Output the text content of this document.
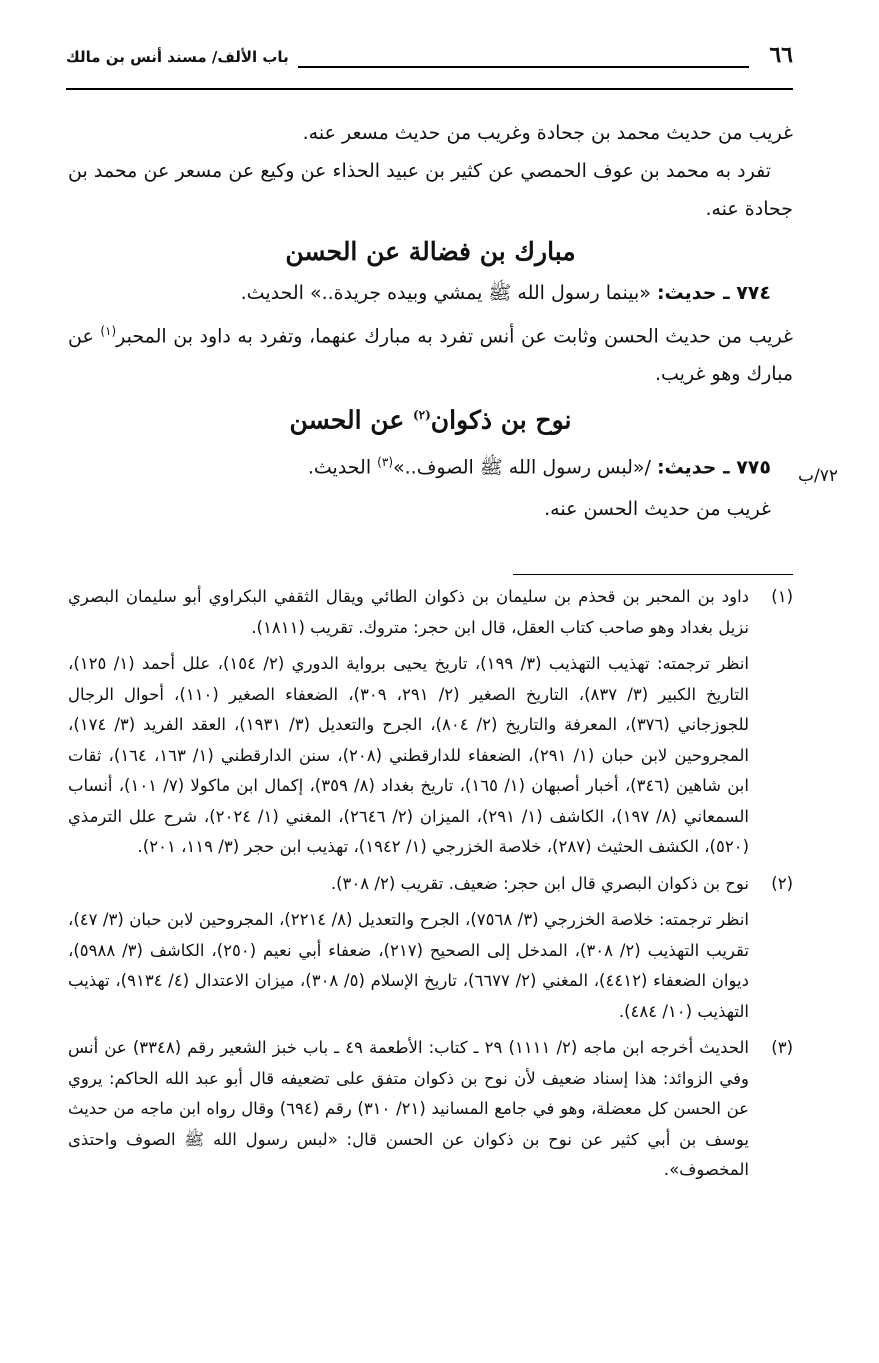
٦٦
باب الألف/ مسند أنس بن مالك
غريب من حديث محمد بن جحادة وغريب من حديث مسعر عنه.
تفرد به محمد بن عوف الحمصي عن كثير بن عبيد الحذاء عن وكيع عن مسعر عن محمد بن جحادة عنه.
مبارك بن فضالة عن الحسن
٧٧٤ ـ حديث: «بينما رسول الله ﷺ يمشي وبيده جريدة..» الحديث.
غريب من حديث الحسن وثابت عن أنس تفرد به مبارك عنهما، وتفرد به داود بن المحبر$^{(١)}$ عن مبارك وهو غريب.
نوح بن ذكوان$^{(٢)}$ عن الحسن
٧٧٥ ـ حديث: /«لبس رسول الله ﷺ الصوف..»$^{(٣)}$ الحديث.
غريب من حديث الحسن عنه.
٧٢/ب
(١)
داود بن المحبر بن قحذم بن سليمان بن ذكوان الطائي ويقال الثقفي البكراوي أبو سليمان البصري نزيل بغداد وهو صاحب كتاب العقل، قال ابن حجر: متروك. تقريب (١٨١١).
انظر ترجمته: تهذيب التهذيب (٣/ ١٩٩)، تاريخ يحيى برواية الدوري (٢/ ١٥٤)، علل أحمد (١/ ١٢٥)، التاريخ الكبير (٣/ ٨٣٧)، التاريخ الصغير (٢/ ٢٩١، ٣٠٩)، الضعفاء الصغير (١١٠)، أحوال الرجال للجوزجاني (٣٧٦)، المعرفة والتاريخ (٢/ ٨٠٤)، الجرح والتعديل (٣/ ١٩٣١)، العقد الفريد (٣/ ١٧٤)، المجروحين لابن حبان (١/ ٢٩١)، الضعفاء للدارقطني (٢٠٨)، سنن الدارقطني (١/ ١٦٣، ١٦٤)، ثقات ابن شاهين (٣٤٦)، أخبار أصبهان (١/ ١٦٥)، تاريخ بغداد (٨/ ٣٥٩)، إكمال ابن ماكولا (٧/ ١٠١)، أنساب السمعاني (٨/ ١٩٧)، الكاشف (١/ ٢٩١)، الميزان (٢/ ٢٦٤٦)، المغني (١/ ٢٠٢٤)، شرح علل الترمذي (٥٢٠)، الكشف الحثيث (٢٨٧)، خلاصة الخزرجي (١/ ١٩٤٢)، تهذيب ابن حجر (٣/ ١١٩، ٢٠١).
(٢)
نوح بن ذكوان البصري قال ابن حجر: ضعيف. تقريب (٢/ ٣٠٨).
انظر ترجمته: خلاصة الخزرجي (٣/ ٧٥٦٨)، الجرح والتعديل (٨/ ٢٢١٤)، المجروحين لابن حبان (٣/ ٤٧)، تقريب التهذيب (٢/ ٣٠٨)، المدخل إلى الصحيح (٢١٧)، ضعفاء أبي نعيم (٢٥٠)، الكاشف (٣/ ٥٩٨٨)، ديوان الضعفاء (٤٤١٢)، المغني (٢/ ٦٦٧٧)، تاريخ الإسلام (٥/ ٣٠٨)، ميزان الاعتدال (٤/ ٩١٣٤)، تهذيب التهذيب (١٠/ ٤٨٤).
(٣)
الحديث أخرجه ابن ماجه (٢/ ١١١١) ٢٩ ـ كتاب: الأطعمة ٤٩ ـ باب خبز الشعير رقم (٣٣٤٨) عن أنس وفي الزوائد: هذا إسناد ضعيف لأن نوح بن ذكوان متفق على تضعيفه قال أبو عبد الله الحاكم: يروي عن الحسن كل معضلة، وهو في جامع المسانيد (٢١/ ٣١٠) رقم (٦٩٤) وقال رواه ابن ماجه من حديث يوسف بن أبي كثير عن نوح بن ذكوان عن الحسن قال: «لبس رسول الله ﷺ الصوف واحتذى المخصوف».
